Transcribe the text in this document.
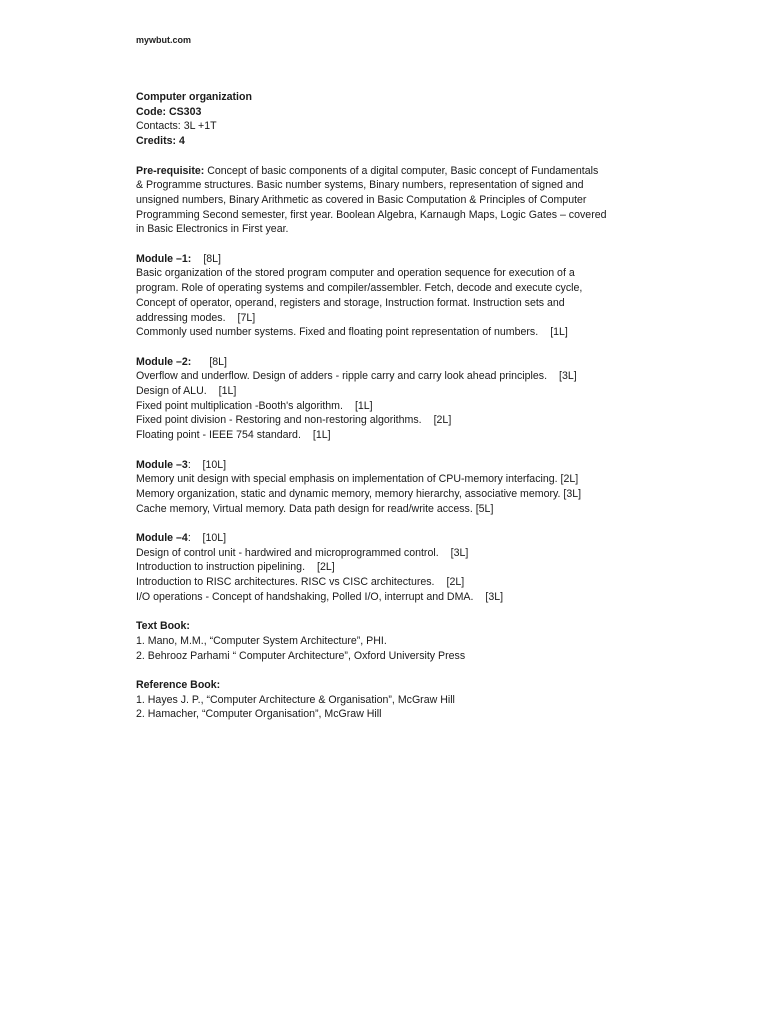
mywbut.com
Computer organization
Code: CS303
Contacts: 3L +1T
Credits: 4
Pre-requisite: Concept of basic components of a digital computer, Basic concept of Fundamentals
& Programme structures. Basic number systems, Binary numbers, representation of signed and
unsigned numbers, Binary Arithmetic as covered in Basic Computation & Principles of Computer
Programming Second semester, first year. Boolean Algebra, Karnaugh Maps, Logic Gates – covered
in Basic Electronics in First year.
Module –1: [8L]
Basic organization of the stored program computer and operation sequence for execution of a
program. Role of operating systems and compiler/assembler. Fetch, decode and execute cycle,
Concept of operator, operand, registers and storage, Instruction format. Instruction sets and
addressing modes. [7L]
Commonly used number systems. Fixed and floating point representation of numbers. [1L]
Module –2: [8L]
Overflow and underflow. Design of adders - ripple carry and carry look ahead principles. [3L]
Design of ALU. [1L]
Fixed point multiplication -Booth's algorithm. [1L]
Fixed point division - Restoring and non-restoring algorithms. [2L]
Floating point - IEEE 754 standard. [1L]
Module –3:    [10L]
Memory unit design with special emphasis on implementation of CPU-memory interfacing. [2L]
Memory organization, static and dynamic memory, memory hierarchy, associative memory. [3L]
Cache memory, Virtual memory. Data path design for read/write access. [5L]
Module –4:    [10L]
Design of control unit - hardwired and microprogrammed control. [3L]
Introduction to instruction pipelining. [2L]
Introduction to RISC architectures. RISC vs CISC architectures. [2L]
I/O operations - Concept of handshaking, Polled I/O, interrupt and DMA. [3L]
Text Book:
1. Mano, M.M., “Computer System Architecture”, PHI.
2. Behrooz Parhami “ Computer Architecture”, Oxford University Press
Reference Book:
1. Hayes J. P., “Computer Architecture & Organisation”, McGraw Hill
2. Hamacher, “Computer Organisation”, McGraw Hill
